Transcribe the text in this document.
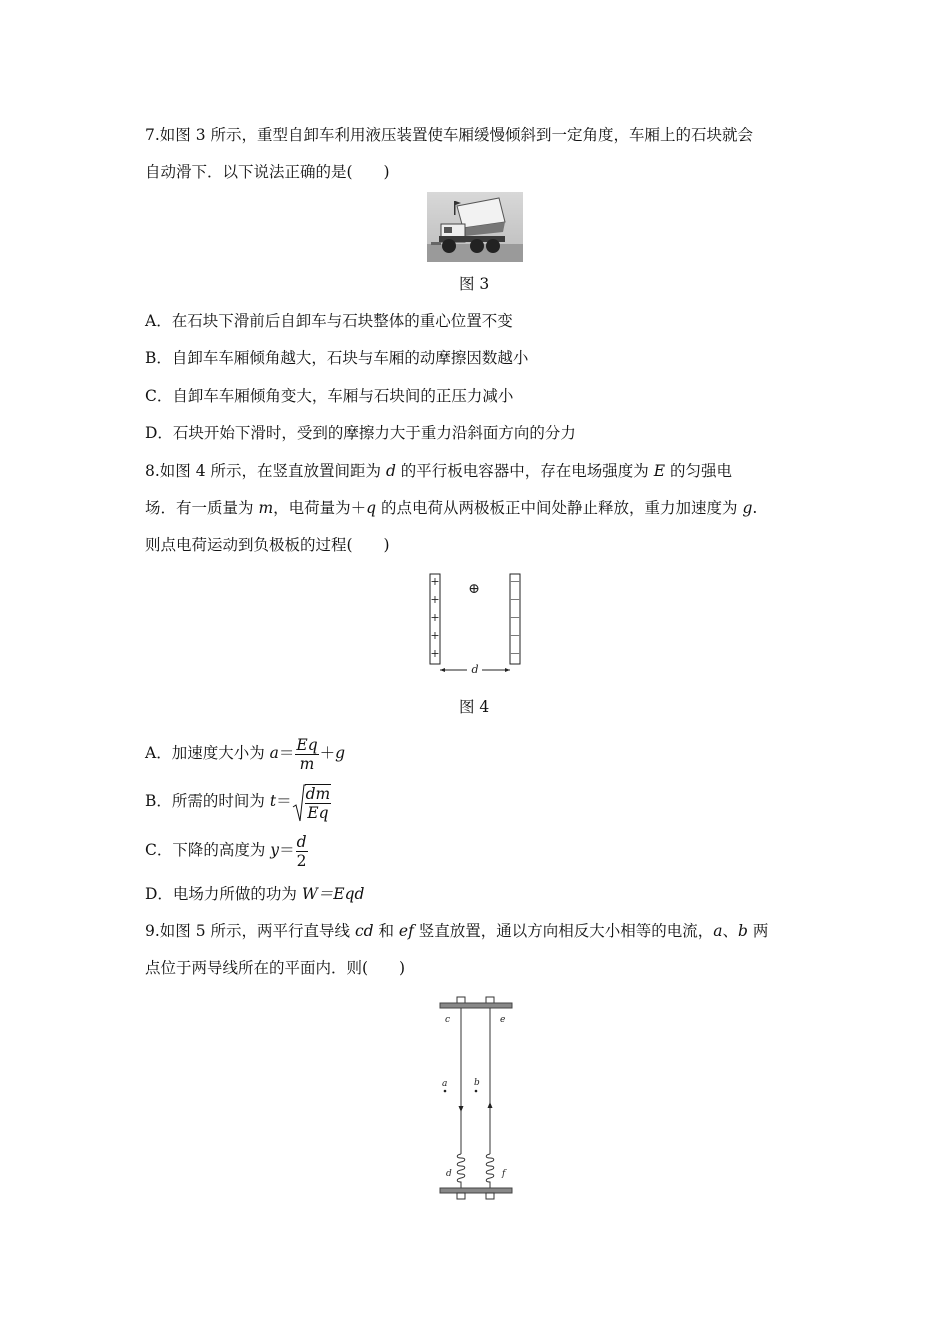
7.如图 3 所示，重型自卸车利用液压装置使车厢缓慢倾斜到一定角度，车厢上的石块就会
自动滑下．以下说法正确的是(　　)
图 3
A．在石块下滑前后自卸车与石块整体的重心位置不变
B．自卸车车厢倾角越大，石块与车厢的动摩擦因数越小
C．自卸车车厢倾角变大，车厢与石块间的正压力减小
D．石块开始下滑时，受到的摩擦力大于重力沿斜面方向的分力
8.如图 4 所示，在竖直放置间距为 d 的平行板电容器中，存在电场强度为 E 的匀强电
场．有一质量为 m，电荷量为＋q 的点电荷从两极板正中间处静止释放，重力加速度为 g.
则点电荷运动到负极板的过程(　　)
+
+
+
+
+
—
—
—
—
—
⊕
d
图 4
A．加速度大小为 $a= \frac{Eq}{m} +g$
B．所需的时间为 $t= \frac{dm}{Eq}$
C．下降的高度为 $y= \frac{d}{2}$
D．电场力所做的功为 W＝Eqd
9.如图 5 所示，两平行直导线 cd 和 ef 竖直放置，通以方向相反大小相等的电流，a、b 两
点位于两导线所在的平面内．则(　　)
c	e
a	b
d	f
